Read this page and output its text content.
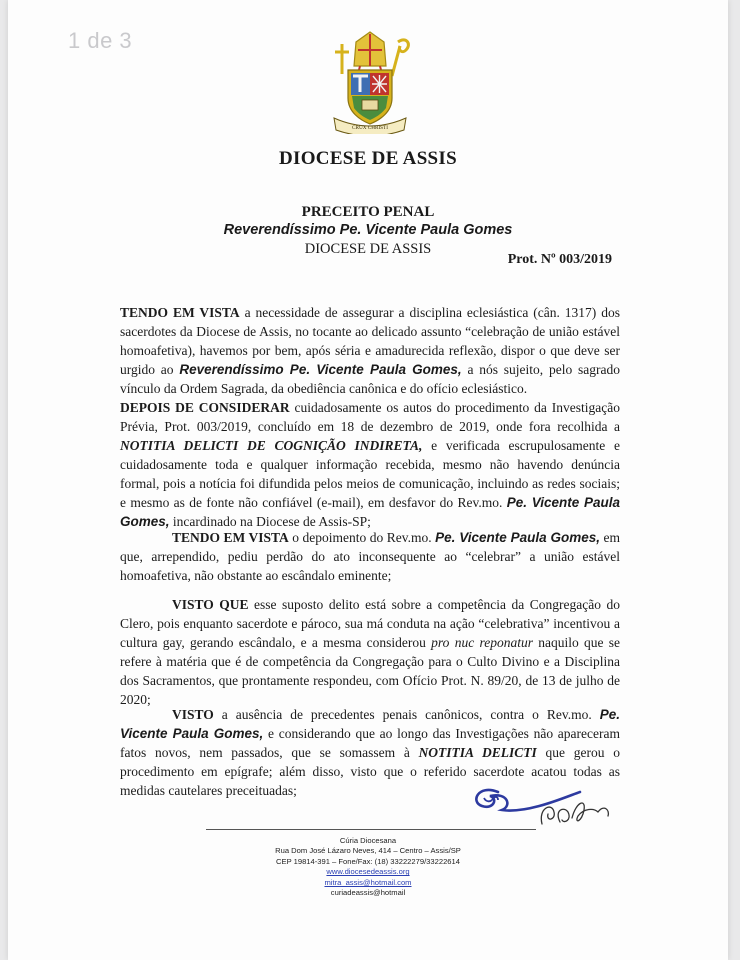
1 de 3
CRUX CHRISTI
DIOCESE DE ASSIS
PRECEITO PENAL
Reverendíssimo Pe. Vicente Paula Gomes
DIOCESE DE ASSIS
Prot. Nº 003/2019

TENDO EM VISTA a necessidade de assegurar a disciplina eclesiástica (cân. 1317) dos sacerdotes da Diocese de Assis, no tocante ao delicado assunto “celebração de união estável homoafetiva), havemos por bem, após séria e amadurecida reflexão, dispor o que deve ser urgido ao Reverendíssimo Pe. Vicente Paula Gomes, a nós sujeito, pelo sagrado vínculo da Ordem Sagrada, da obediência canônica e do ofício eclesiástico.

DEPOIS DE CONSIDERAR cuidadosamente os autos do procedimento da Investigação Prévia, Prot. 003/2019, concluído em 18 de dezembro de 2019, onde fora recolhida a NOTITIA DELICTI DE COGNIÇÃO INDIRETA, e verificada escrupulosamente e cuidadosamente toda e qualquer informação recebida, mesmo não havendo denúncia formal, pois a notícia foi difundida pelos meios de comunicação, incluindo as redes sociais; e mesmo as de fonte não confiável (e-mail), em desfavor do Rev.mo. Pe. Vicente Paula Gomes, incardinado na Diocese de Assis-SP;

TENDO EM VISTA o depoimento do Rev.mo. Pe. Vicente Paula Gomes, em que, arrependido, pediu perdão do ato inconsequente ao “celebrar” a união estável homoafetiva, não obstante ao escândalo eminente;

VISTO QUE esse suposto delito está sobre a competência da Congregação do Clero, pois enquanto sacerdote e pároco, sua má conduta na ação “celebrativa” incentivou a cultura gay, gerando escândalo, e a mesma considerou pro nuc reponatur naquilo que se refere à matéria que é de competência da Congregação para o Culto Divino e a Disciplina dos Sacramentos, que prontamente respondeu, com Ofício Prot. N. 89/20, de 13 de julho de 2020;

VISTO a ausência de precedentes penais canônicos, contra o Rev.mo. Pe. Vicente Paula Gomes, e considerando que ao longo das Investigações não apareceram fatos novos, nem passados, que se somassem à NOTITIA DELICTI que gerou o procedimento em epígrafe; além disso, visto que o referido sacerdote acatou todas as medidas cautelares preceituadas;

Cúria Diocesana
Rua Dom José Lázaro Neves, 414 – Centro – Assis/SP
CEP 19814-391 – Fone/Fax: (18) 33222279/33222614
www.diocesedeassis.org
mitra_assis@hotmail.com
curiadeassis@hotmail
